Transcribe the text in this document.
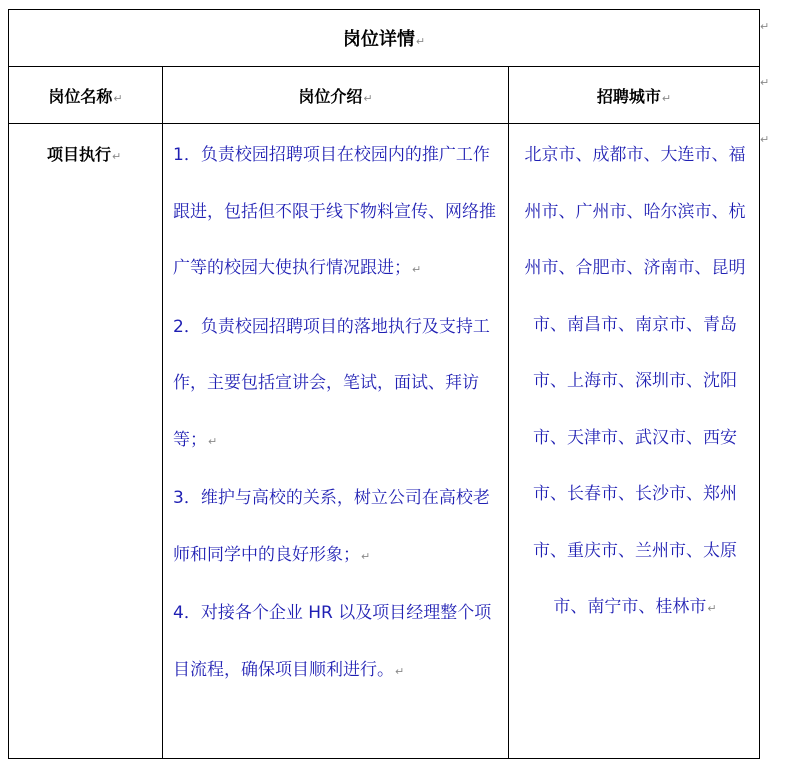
↵
↵
↵
岗位详情↵		
岗位名称↵	岗位介绍↵	招聘城市↵
项目执行↵	1．负责校园招聘项目在校园内的推广工作跟进，包括但不限于线下物料宣传、网络推广等的校园大使执行情况跟进；↵
2．负责校园招聘项目的落地执行及支持工作，主要包括宣讲会，笔试，面试、拜访等；↵
3．维护与高校的关系，树立公司在高校老师和同学中的良好形象；↵
4．对接各个企业 HR 以及项目经理整个项目流程，确保项目顺利进行。↵	北京市、成都市、大连市、福州市、广州市、哈尔滨市、杭州市、合肥市、济南市、昆明市、南昌市、南京市、青岛市、上海市、深圳市、沈阳市、天津市、武汉市、西安市、长春市、长沙市、郑州市、重庆市、兰州市、太原市、南宁市、桂林市↵
